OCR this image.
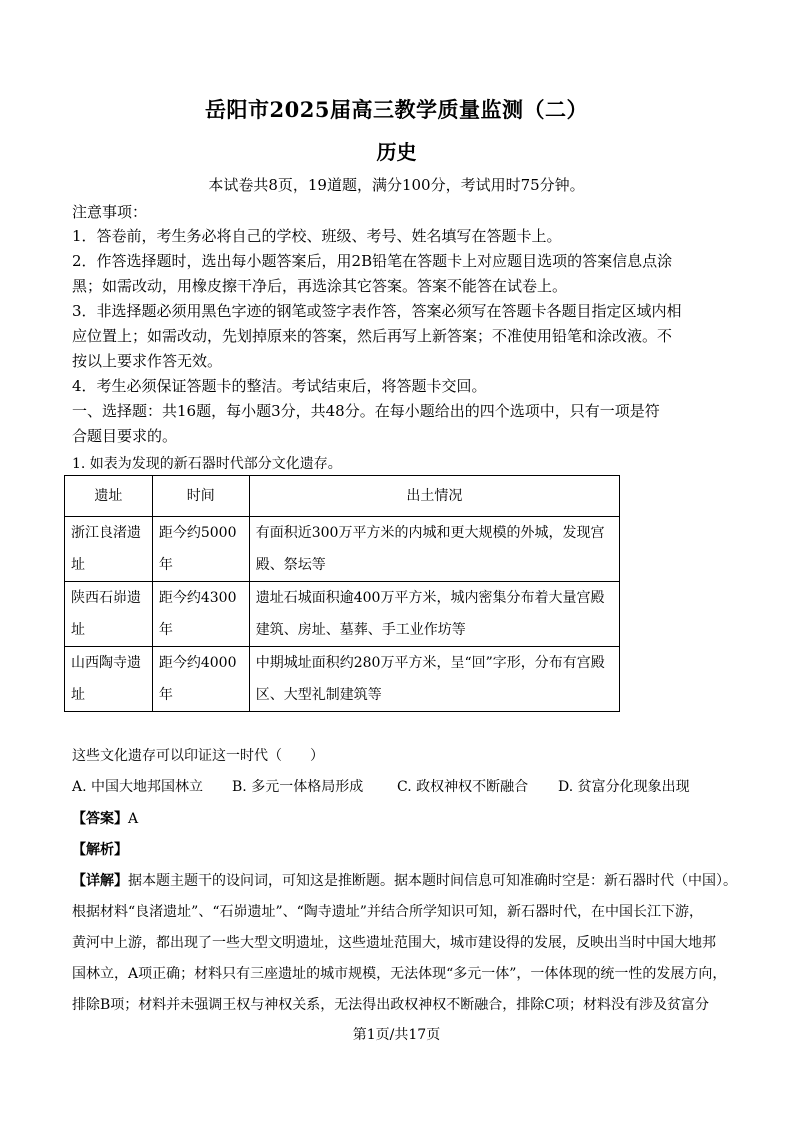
岳阳市2025届高三教学质量监测（二）
历史
本试卷共8页，19道题，满分100分，考试用时75分钟。
注意事项：
1．答卷前，考生务必将自己的学校、班级、考号、姓名填写在答题卡上。
2．作答选择题时，选出每小题答案后，用2B铅笔在答题卡上对应题目选项的答案信息点涂
黑；如需改动，用橡皮擦干净后，再选涂其它答案。答案不能答在试卷上。
3．非选择题必须用黑色字迹的钢笔或签字表作答，答案必须写在答题卡各题目指定区域内相
应位置上；如需改动，先划掉原来的答案，然后再写上新答案；不准使用铅笔和涂改液。不
按以上要求作答无效。
4．考生必须保证答题卡的整洁。考试结束后，将答题卡交回。
一、选择题：共16题，每小题3分，共48分。在每小题给出的四个选项中，只有一项是符
合题目要求的。
1. 如表为发现的新石器时代部分文化遗存。
遗址	时间	出土情况
浙江良渚遗址	距今约5000年	有面积近300万平方米的内城和更大规模的外城，发现宫殿、祭坛等
陕西石峁遗址	距今约4300年	遗址石城面积逾400万平方米，城内密集分布着大量宫殿建筑、房址、墓葬、手工业作坊等
山西陶寺遗址	距今约4000年	中期城址面积约280万平方米，呈“回”字形，分布有宫殿区、大型礼制建筑等
这些文化遗存可以印证这一时代（　　）
A. 中国大地邦国林立 B. 多元一体格局形成 C. 政权神权不断融合 D. 贫富分化现象出现
【答案】A
【解析】
【详解】据本题主题干的设问词，可知这是推断题。据本题时间信息可知准确时空是：新石器时代（中国）。
根据材料“良渚遗址”、“石峁遗址”、“陶寺遗址”并结合所学知识可知，新石器时代，在中国长江下游，
黄河中上游，都出现了一些大型文明遗址，这些遗址范围大，城市建设得的发展，反映出当时中国大地邦
国林立，A项正确；材料只有三座遗址的城市规模，无法体现“多元一体”，一体体现的统一性的发展方向，
排除B项；材料并未强调王权与神权关系，无法得出政权神权不断融合，排除C项；材料没有涉及贫富分
第1页/共17页
